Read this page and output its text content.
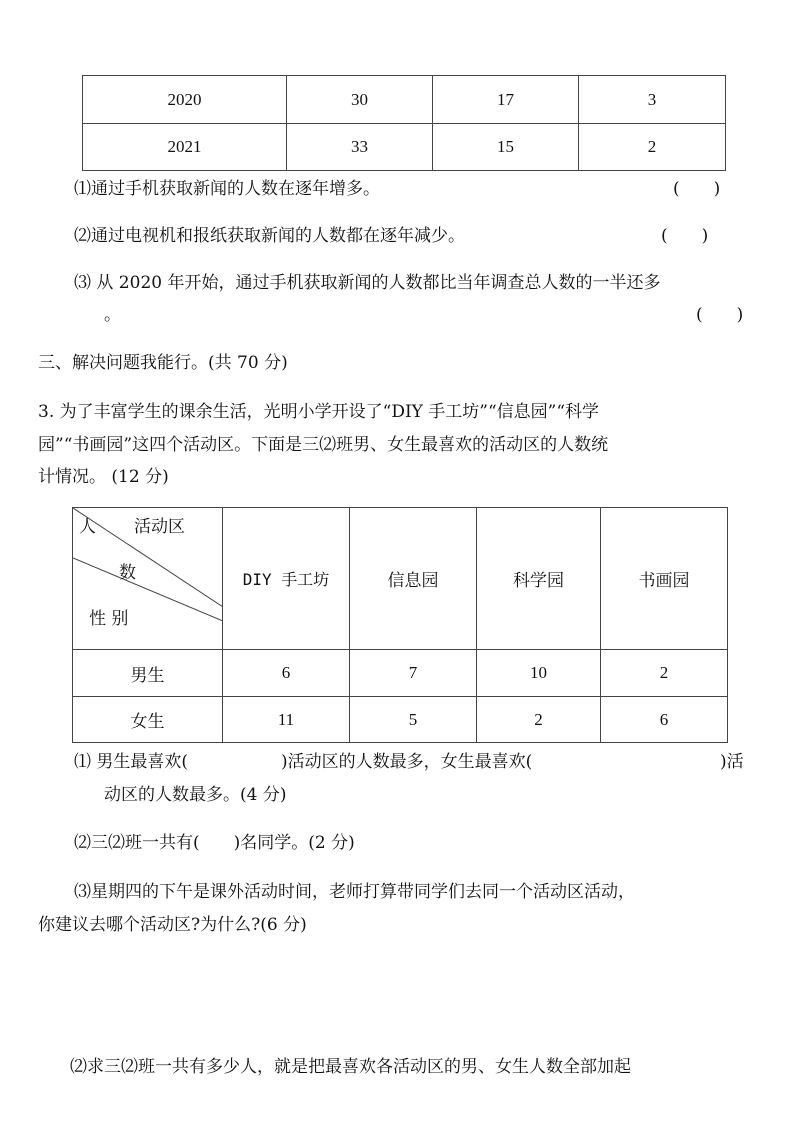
2020	30	17	3
2021	33	15	2
⑴通过手机获取新闻的人数在逐年增多。	(　　)
⑵通过电视机和报纸获取新闻的人数都在逐年减少。	(　　)
⑶ 从 2020 年开始，通过手机获取新闻的人数都比当年调查总人数的一半还多
。	(　　)
三、解决问题我能行。(共 70 分)
3. 为了丰富学生的课余生活，光明小学开设了“DIY 手工坊”“信息园”“科学
园”“书画园”这四个活动区。下面是三⑵班男、女生最喜欢的活动区的人数统
计情况。 (12 分)
人 活动区
数
性 别	DIY 手工坊	信息园	科学园	书画园
男生	6	7	10	2
女生	11	5	2	6
⑴ 男生最喜欢(	)活动区的人数最多，女生最喜欢(	)活
动区的人数最多。(4 分)
⑵三⑵班一共有(　　)名同学。(2 分)
⑶星期四的下午是课外活动时间，老师打算带同学们去同一个活动区活动，
你建议去哪个活动区?为什么?(6 分)
⑵求三⑵班一共有多少人，就是把最喜欢各活动区的男、女生人数全部加起
